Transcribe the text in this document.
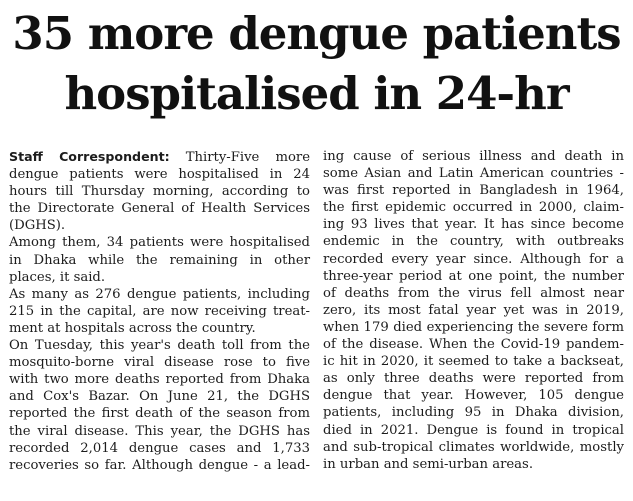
35 more dengue patients
hospitalised in 24-hr
Staff Correspondent: Thirty-Five more
dengue patients were hospitalised in 24
hours till Thursday morning, according to
the Directorate General of Health Services
(DGHS).
Among them, 34 patients were hospitalised
in Dhaka while the remaining in other
places, it said.
As many as 276 dengue patients, including
215 in the capital, are now receiving treat-
ment at hospitals across the country.
On Tuesday, this year's death toll from the
mosquito-borne viral disease rose to five
with two more deaths reported from Dhaka
and Cox's Bazar. On June 21, the DGHS
reported the first death of the season from
the viral disease. This year, the DGHS has
recorded 2,014 dengue cases and 1,733
recoveries so far. Although dengue - a lead-
ing cause of serious illness and death in
some Asian and Latin American countries -
was first reported in Bangladesh in 1964,
the first epidemic occurred in 2000, claim-
ing 93 lives that year. It has since become
endemic in the country, with outbreaks
recorded every year since. Although for a
three-year period at one point, the number
of deaths from the virus fell almost near
zero, its most fatal year yet was in 2019,
when 179 died experiencing the severe form
of the disease. When the Covid-19 pandem-
ic hit in 2020, it seemed to take a backseat,
as only three deaths were reported from
dengue that year. However, 105 dengue
patients, including 95 in Dhaka division,
died in 2021. Dengue is found in tropical
and sub-tropical climates worldwide, mostly
in urban and semi-urban areas.
